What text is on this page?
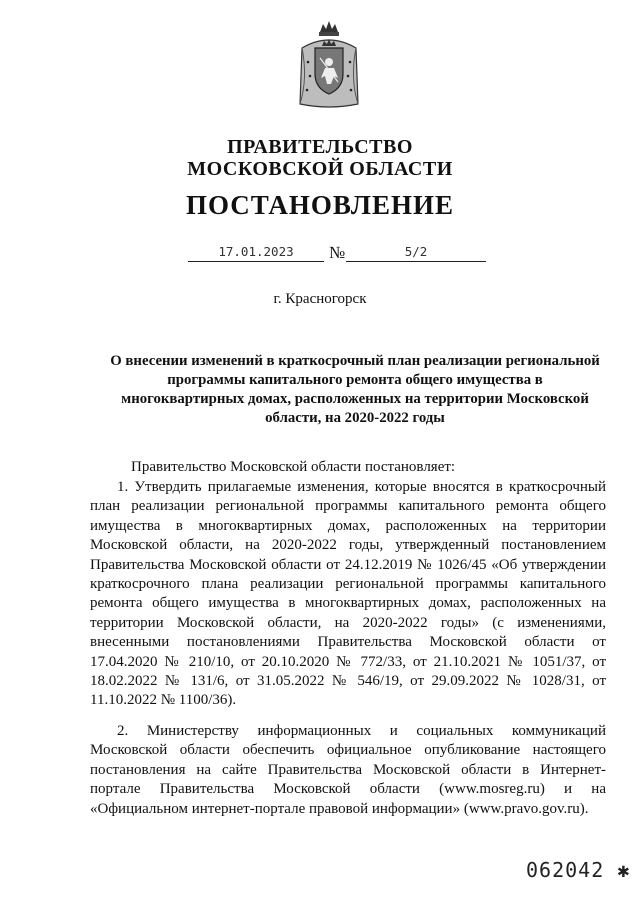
ПРАВИТЕЛЬСТВО
МОСКОВСКОЙ ОБЛАСТИ
ПОСТАНОВЛЕНИЕ
17.01.2023	№	5/2
г. Красногорск
О внесении изменений в краткосрочный план реализации региональной программы капитального ремонта общего имущества в многоквартирных домах, расположенных на территории Московской области, на 2020-2022 годы
Правительство Московской области постановляет:
1. Утвердить прилагаемые изменения, которые вносятся в краткосрочный план реализации региональной программы капитального ремонта общего имущества в многоквартирных домах, расположенных на территории Московской области, на 2020-2022 годы, утвержденный постановлением Правительства Московской области от 24.12.2019 № 1026/45 «Об утверждении краткосрочного плана реализации региональной программы капитального ремонта общего имущества в многоквартирных домах, расположенных на территории Московской области, на 2020-2022 годы» (с изменениями, внесенными постановлениями Правительства Московской области от 17.04.2020 № 210/10, от 20.10.2020 № 772/33, от 21.10.2021 № 1051/37, от 18.02.2022 № 131/6, от 31.05.2022 № 546/19, от 29.09.2022 № 1028/31, от 11.10.2022 № 1100/36).
2. Министерству информационных и социальных коммуникаций Московской области обеспечить официальное опубликование настоящего постановления на сайте Правительства Московской области в Интернет-портале Правительства Московской области (www.mosreg.ru) и на «Официальном интернет-портале правовой информации» (www.pravo.gov.ru).
062042 ✱
